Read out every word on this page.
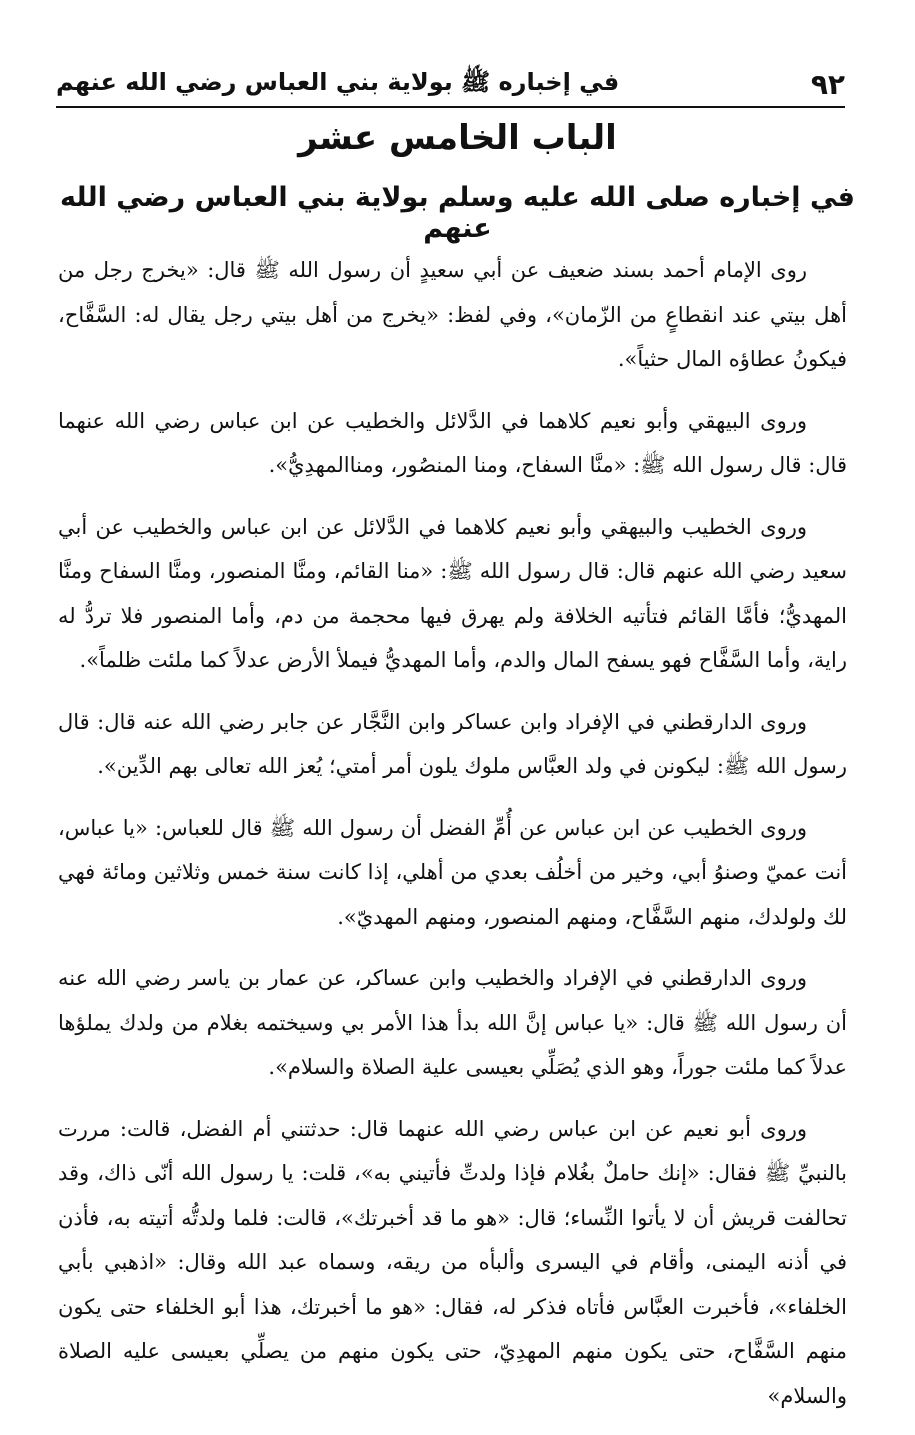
٩٢
في إخباره ﷺ بولاية بني العباس رضي الله عنهم
الباب الخامس عشر
في إخباره صلى الله عليه وسلم بولاية بني العباس رضي الله عنهم

روى الإمام أحمد بسند ضعيف عن أبي سعيدٍ أن رسول الله ﷺ قال: «يخرج رجل من أهل بيتي عند انقطاعٍ من الزّمان»، وفي لفظ: «يخرج من أهل بيتي رجل يقال له: السَّفَّاح، فيكونُ عطاؤه المال حثياً».

وروى البيهقي وأبو نعيم كلاهما في الدَّلائل والخطيب عن ابن عباس رضي الله عنهما قال: قال رسول الله ﷺ: «منَّا السفاح، ومنا المنصُور، ومناالمهدِيُّ».

وروى الخطيب والبيهقي وأبو نعيم كلاهما في الدَّلائل عن ابن عباس والخطيب عن أبي سعيد رضي الله عنهم قال: قال رسول الله ﷺ: «منا القائم، ومنَّا المنصور، ومنَّا السفاح ومنَّا المهديُّ؛ فأمَّا القائم فتأتيه الخلافة ولم يهرق فيها محجمة من دم، وأما المنصور فلا تردُّ له راية، وأما السَّفَّاح فهو يسفح المال والدم، وأما المهديُّ فيملأ الأرض عدلاً كما ملئت ظلماً».

وروى الدارقطني في الإفراد وابن عساكر وابن النَّجَّار عن جابر رضي الله عنه قال: قال رسول الله ﷺ: ليكونن في ولد العبَّاس ملوك يلون أمر أمتي؛ يُعز الله تعالى بهم الدِّين».

وروى الخطيب عن ابن عباس عن أُمِّ الفضل أن رسول الله ﷺ قال للعباس: «يا عباس، أنت عميّ وصنوُ أبي، وخير من أخلُف بعدي من أهلي، إذا كانت سنة خمس وثلاثين ومائة فهي لك ولولدك، منهم السَّفَّاح، ومنهم المنصور، ومنهم المهديّ».

وروى الدارقطني في الإفراد والخطيب وابن عساكر، عن عمار بن ياسر رضي الله عنه أن رسول الله ﷺ قال: «يا عباس إنَّ الله بدأ هذا الأمر بي وسيختمه بغلام من ولدك يملؤها عدلاً كما ملئت جوراً، وهو الذي يُصَلِّي بعيسى علية الصلاة والسلام».

وروى أبو نعيم عن ابن عباس رضي الله عنهما قال: حدثتني أم الفضل، قالت: مررت بالنبيِّ ﷺ فقال: «إنك حاملٌ بغُلام فإذا ولدتِّ فأتيني به»، قلت: يا رسول الله أنّى ذاك، وقد تحالفت قريش أن لا يأتوا النِّساء؛ قال: «هو ما قد أخبرتك»، قالت: فلما ولدتُّه أتيته به، فأذن في أذنه اليمنى، وأقام في اليسرى وألبأه من ريقه، وسماه عبد الله وقال: «اذهبي بأبي الخلفاء»، فأخبرت العبَّاس فأتاه فذكر له، فقال: «هو ما أخبرتك، هذا أبو الخلفاء حتى يكون منهم السَّفَّاح، حتى يكون منهم المهدِيّ، حتى يكون منهم من يصلِّي بعيسى عليه الصلاة والسلام»
